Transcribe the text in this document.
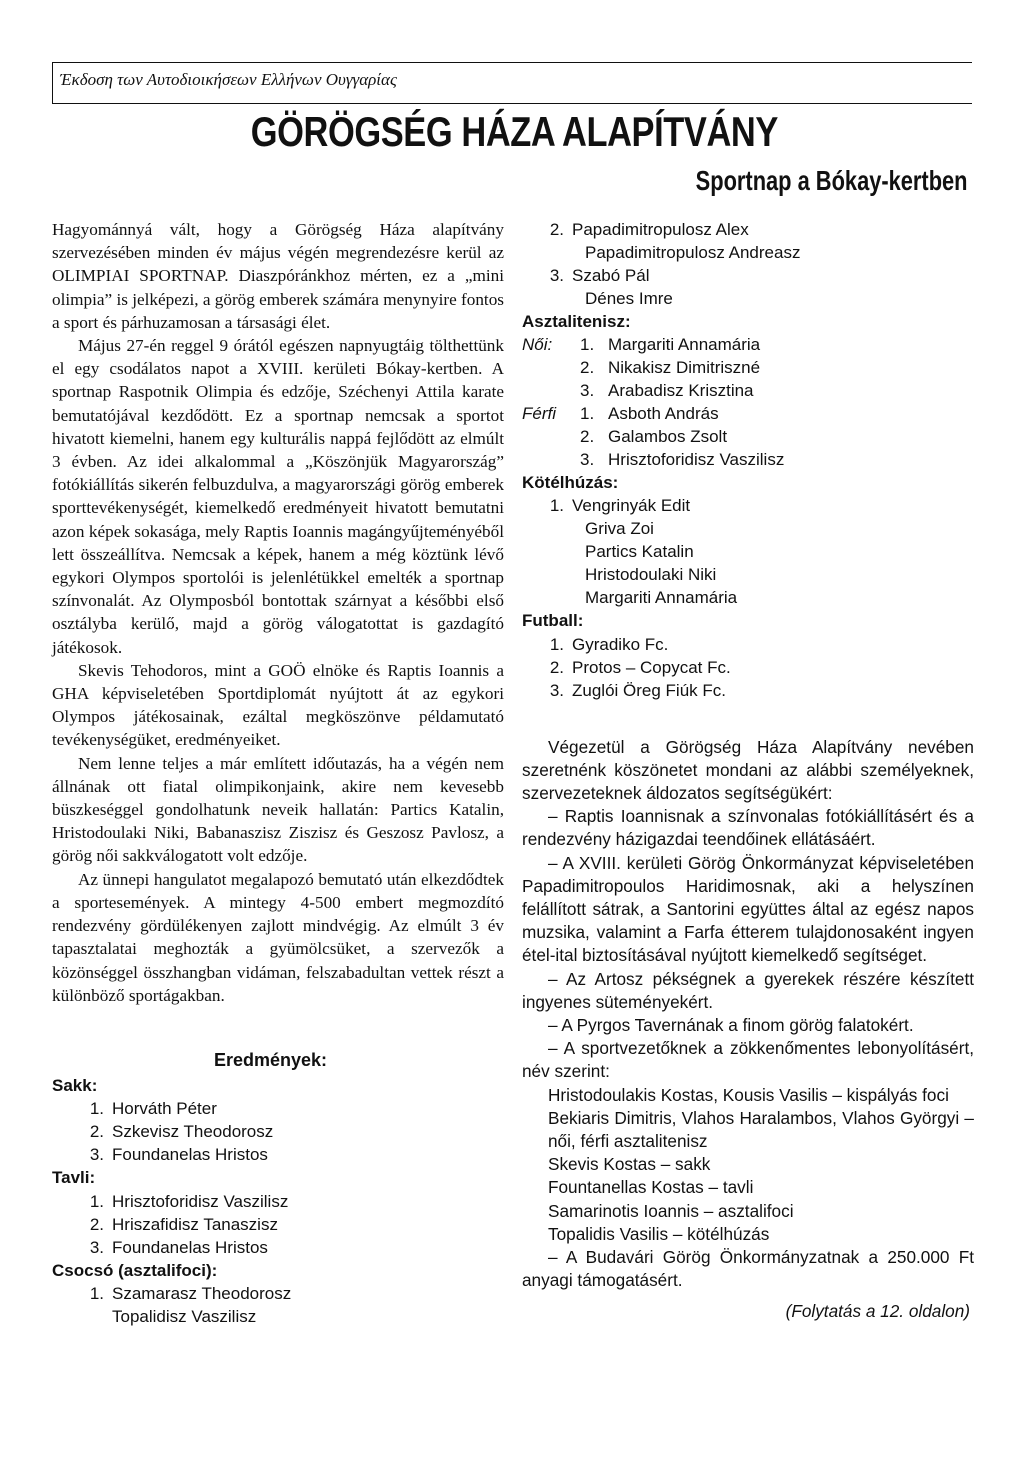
Έκδοση των Αυτοδιοικήσεων Ελλήνων Ουγγαρίας
GÖRÖGSÉG HÁZA ALAPÍTVÁNY
Sportnap a Bókay-kertben

Hagyománnyá vált, hogy a Görögség Háza alapítvány szervezésében minden év május végén megrendezésre kerül az OLIMPIAI SPORTNAP. Diaszpóránkhoz mérten, ez a „mini olimpia” is jelképezi, a görög emberek számára menynyire fontos a sport és párhuzamosan a társasági élet.

Május 27-én reggel 9 órától egészen napnyugtáig tölthettünk el egy csodálatos napot a XVIII. kerületi Bókay-kertben. A sportnap Raspotnik Olimpia és edzője, Széchenyi Attila karate bemutatójával kezdődött. Ez a sportnap nemcsak a sportot hivatott kiemelni, hanem egy kulturális nappá fejlődött az elmúlt 3 évben. Az idei alkalommal a „Köszönjük Magyarország” fotókiállítás sikerén felbuzdulva, a magyarországi görög emberek sporttevékenységét, kiemelkedő eredményeit hivatott bemutatni azon képek sokasága, mely Raptis Ioannis magángyűjteményéből lett összeállítva. Nemcsak a képek, hanem a még köztünk lévő egykori Olympos sportolói is jelenlétükkel emelték a sportnap színvonalát. Az Olymposból bontottak szárnyat a későbbi első osztályba kerülő, majd a görög válogatottat is gazdagító játékosok.

Skevis Tehodoros, mint a GOÖ elnöke és Raptis Ioannis a GHA képviseletében Sportdiplomát nyújtott át az egykori Olympos játékosainak, ezáltal megköszönve példamutató tevékenységüket, eredményeiket.

Nem lenne teljes a már említett időutazás, ha a végén nem állnának ott fiatal olimpikonjaink, akire nem kevesebb büszkeséggel gondolhatunk neveik hallatán: Partics Katalin, Hristodoulaki Niki, Babanaszisz Ziszisz és Geszosz Pavlosz, a görög női sakkválogatott volt edzője.

Az ünnepi hangulatot megalapozó bemutató után elkezdődtek a sportesemények. A mintegy 4-500 embert megmozdító rendezvény gördülékenyen zajlott mindvégig. Az elmúlt 3 év tapasztalatai meghozták a gyümölcsüket, a szervezők a közönséggel összhangban vidáman, felszabadultan vettek részt a különböző sportágakban.

Eredmények:
Sakk:
1. Horváth Péter
2. Szkevisz Theodorosz
3. Foundanelas Hristos
Tavli:
1. Hrisztoforidisz Vaszilisz
2. Hriszafidisz Tanaszisz
3. Foundanelas Hristos
Csocsó (asztalifoci):
1. Szamarasz Theodorosz
Topalidisz Vaszilisz
2. Papadimitropulosz Alex
Papadimitropulosz Andreasz
3. Szabó Pál
Dénes Imre
Asztalitenisz:
Női:	1. Margariti Annamária
2. Nikakisz Dimitriszné
3. Arabadisz Krisztina
Férfi	1. Asboth András
2. Galambos Zsolt
3. Hrisztoforidisz Vaszilisz
Kötélhúzás:
1. Vengrinyák Edit
Griva Zoi
Partics Katalin
Hristodoulaki Niki
Margariti Annamária
Futball:
1. Gyradiko Fc.
2. Protos – Copycat Fc.
3. Zuglói Öreg Fiúk Fc.

Végezetül a Görögség Háza Alapítvány nevében szeretnénk köszönetet mondani az alábbi személyeknek, szervezeteknek áldozatos segítségükért:

– Raptis Ioannisnak a színvonalas fotókiállításért és a rendezvény házigazdai teendőinek ellátásáért.

– A XVIII. kerületi Görög Önkormányzat képviseletében Papadimitropoulos Haridimosnak, aki a helyszínen felállított sátrak, a Santorini együttes által az egész napos muzsika, valamint a Farfa étterem tulajdonosaként ingyen étel-ital biztosításával nyújtott kiemelkedő segítséget.

– Az Artosz pékségnek a gyerekek részére készített ingyenes süteményekért.

– A Pyrgos Tavernának a finom görög falatokért.

– A sportvezetőknek a zökkenőmentes lebonyolításért, név szerint:

Hristodoulakis Kostas, Kousis Vasilis – kispályás foci

Bekiaris Dimitris, Vlahos Haralambos, Vlahos Györgyi – női, férfi asztalitenisz

Skevis Kostas – sakk

Fountanellas Kostas – tavli

Samarinotis Ioannis – asztalifoci

Topalidis Vasilis – kötélhúzás

– A Budavári Görög Önkormányzatnak a 250.000 Ft anyagi támogatásért.

(Folytatás a 12. oldalon)
